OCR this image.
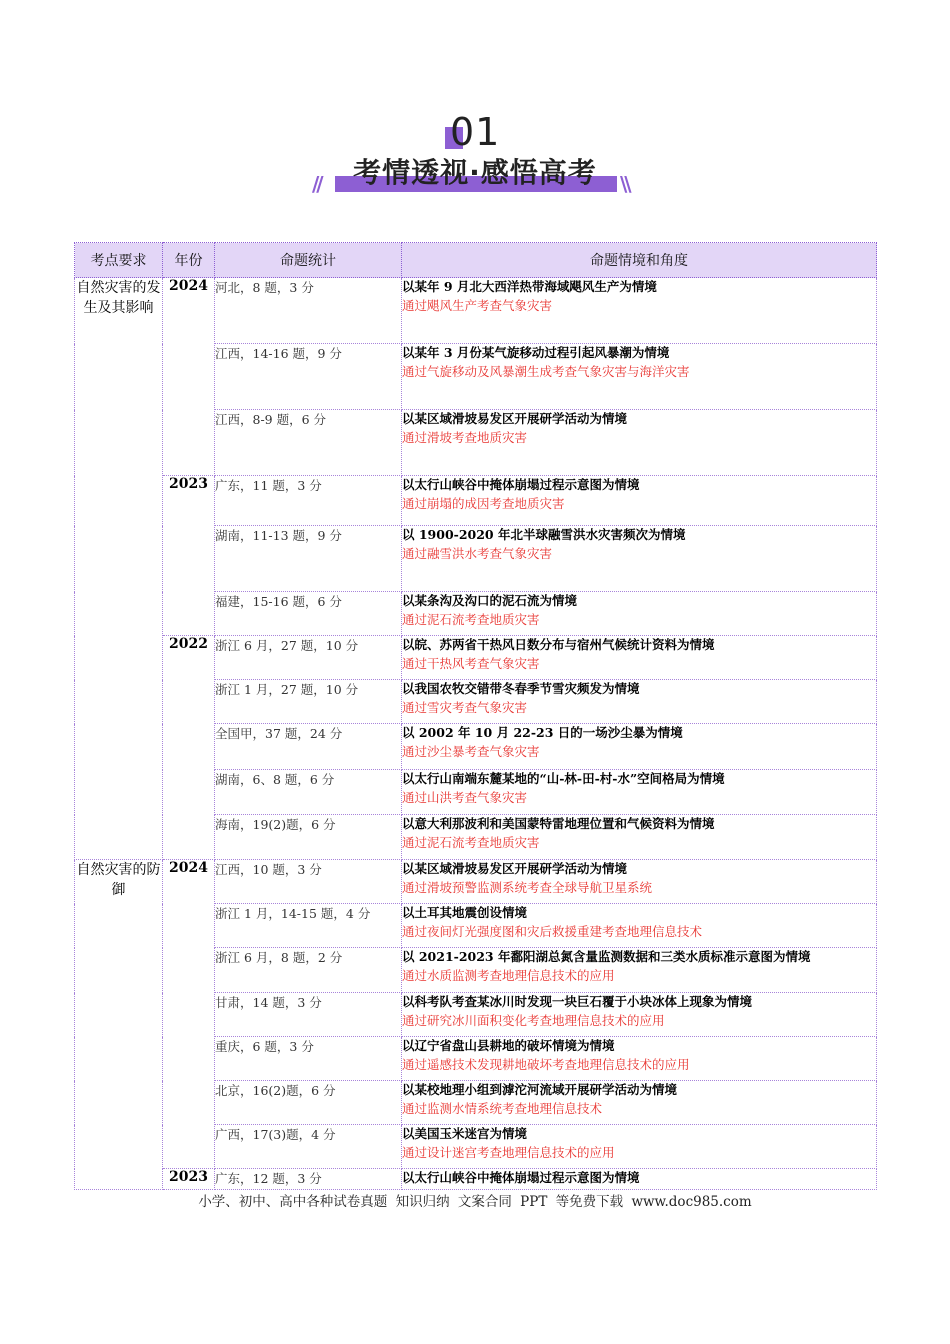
01
//	考情透视·感悟高考	\\
考点要求	年份	命题统计	命题情境和角度
自然灾害的发生及其影响	2024	河北，8 题，3 分	以某年 9 月北大西洋热带海域飓风生产为情境
通过飓风生产考查气象灾害

		江西，14-16 题，9 分	以某年 3 月份某气旋移动过程引起风暴潮为情境
通过气旋移动及风暴潮生成考查气象灾害与海洋灾害

		江西，8-9 题，6 分	以某区域滑坡易发区开展研学活动为情境
通过滑坡考查地质灾害

	2023	广东，11 题，3 分	以太行山峡谷中掩体崩塌过程示意图为情境
通过崩塌的成因考查地质灾害

		湖南，11-13 题，9 分	以 1900-2020 年北半球融雪洪水灾害频次为情境
通过融雪洪水考查气象灾害

		福建，15-16 题，6 分	以某条沟及沟口的泥石流为情境
通过泥石流考查地质灾害

	2022	浙江 6 月，27 题，10 分	以皖、苏两省干热风日数分布与宿州气候统计资料为情境
通过干热风考查气象灾害

		浙江 1 月，27 题，10 分	以我国农牧交错带冬春季节雪灾频发为情境
通过雪灾考查气象灾害

		全国甲，37 题，24 分	以 2002 年 10 月 22-23 日的一场沙尘暴为情境
通过沙尘暴考查气象灾害

		湖南，6、8 题，6 分	以太行山南端东麓某地的“山-林-田-村-水”空间格局为情境
通过山洪考查气象灾害

		海南，19(2)题，6 分	以意大利那波利和美国蒙特雷地理位置和气候资料为情境
通过泥石流考查地质灾害

自然灾害的防御	2024	江西，10 题，3 分	以某区域滑坡易发区开展研学活动为情境
通过滑坡预警监测系统考查全球导航卫星系统

		浙江 1 月，14-15 题，4 分	以土耳其地震创设情境
通过夜间灯光强度图和灾后救援重建考查地理信息技术

		浙江 6 月，8 题，2 分	以 2021-2023 年鄱阳湖总氮含量监测数据和三类水质标准示意图为情境
通过水质监测考查地理信息技术的应用

		甘肃，14 题，3 分	以科考队考查某冰川时发现一块巨石覆于小块冰体上现象为情境
通过研究冰川面积变化考查地理信息技术的应用

		重庆，6 题，3 分	以辽宁省盘山县耕地的破坏情境为情境
通过遥感技术发现耕地破坏考查地理信息技术的应用

		北京，16(2)题，6 分	以某校地理小组到滹沱河流域开展研学活动为情境
通过监测水情系统考查地理信息技术

		广西，17(3)题，4 分	以美国玉米迷宫为情境
通过设计迷宫考查地理信息技术的应用

	2023	广东，12 题，3 分	以太行山峡谷中掩体崩塌过程示意图为情境
小学、初中、高中各种试卷真题 知识归纳 文案合同 PPT 等免费下载 www.doc985.com
